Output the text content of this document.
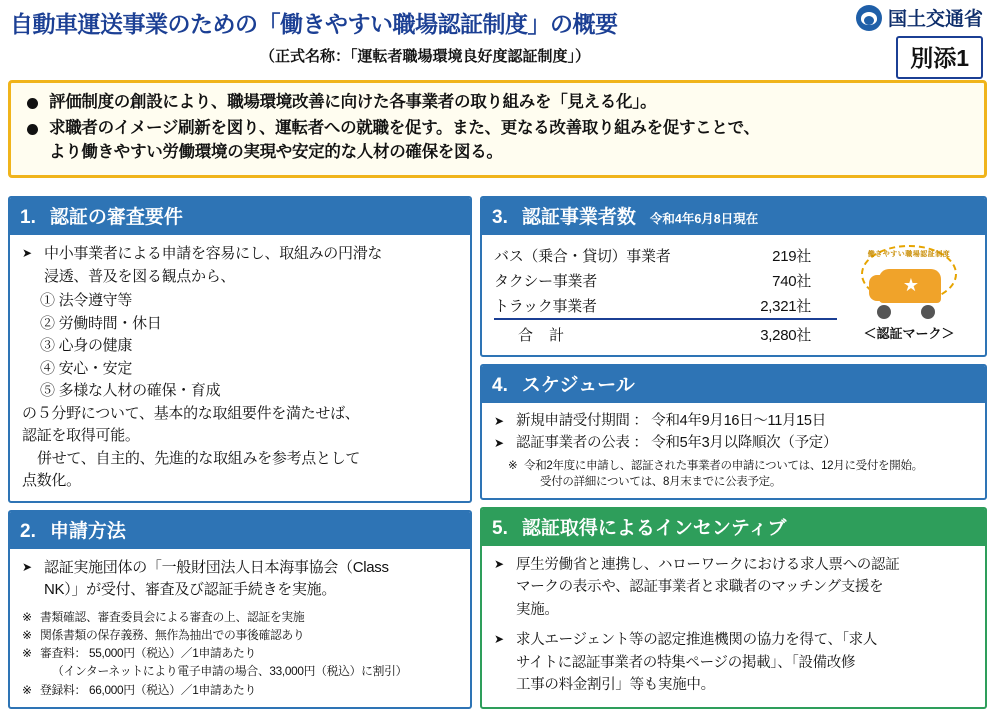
自動車運送事業のための「働きやすい職場認証制度」の概要
（正式名称：「運転者職場環境良好度認証制度」）
国土交通省
別添1
評価制度の創設により、職場環境改善に向けた各事業者の取り組みを「見える化」。
求職者のイメージ刷新を図り、運転者への就職を促す。また、更なる改善取り組みを促すことで、
より働きやすい労働環境の実現や安定的な人材の確保を図る。
1. 認証の審査要件
➤ 中小事業者による申請を容易にし、取組みの円滑な
浸透、普及を図る観点から、
① 法令遵守等
② 労働時間・休日
③ 心身の健康
④ 安心・安定
⑤ 多様な人材の確保・育成
の５分野について、基本的な取組要件を満たせば、
認証を取得可能。
併せて、自主的、先進的な取組みを参考点として
点数化。
2. 申請方法
➤ 認証実施団体の「一般財団法人日本海事協会（Class
NK）」が受付、審査及び認証手続きを実施。
※ 書類確認、審査委員会による審査の上、認証を実施
※ 関係書類の保存義務、無作為抽出での事後確認あり
※ 審査料： 55,000円（税込）／1申請あたり
（インターネットにより電子申請の場合、33,000円（税込）に割引）
※ 登録料： 66,000円（税込）／1申請あたり
3. 認証事業者数 令和4年6月8日現在
バス（乗合・貸切）事業者	219社
タクシー事業者	740社
トラック事業者	2,321社
合 計	3,280社
働きやすい職場認証制度
★
＜認証マーク＞
4. スケジュール
➤ 新規申請受付期間 ： 令和4年9月16日～11月15日
➤ 認証事業者の公表 ： 令和5年3月以降順次（予定）
※ 令和2年度に申請し、認証された事業者の申請については、12月に受付を開始。
受付の詳細については、8月末までに公表予定。
5. 認証取得によるインセンティブ
➤ 厚生労働省と連携し、ハローワークにおける求人票への認証
マークの表示や、認証事業者と求職者のマッチング支援を
実施。
➤ 求人エージェント等の認定推進機関の協力を得て、「求人
サイトに認証事業者の特集ページの掲載」、「設備改修
工事の料金割引」等も実施中。
